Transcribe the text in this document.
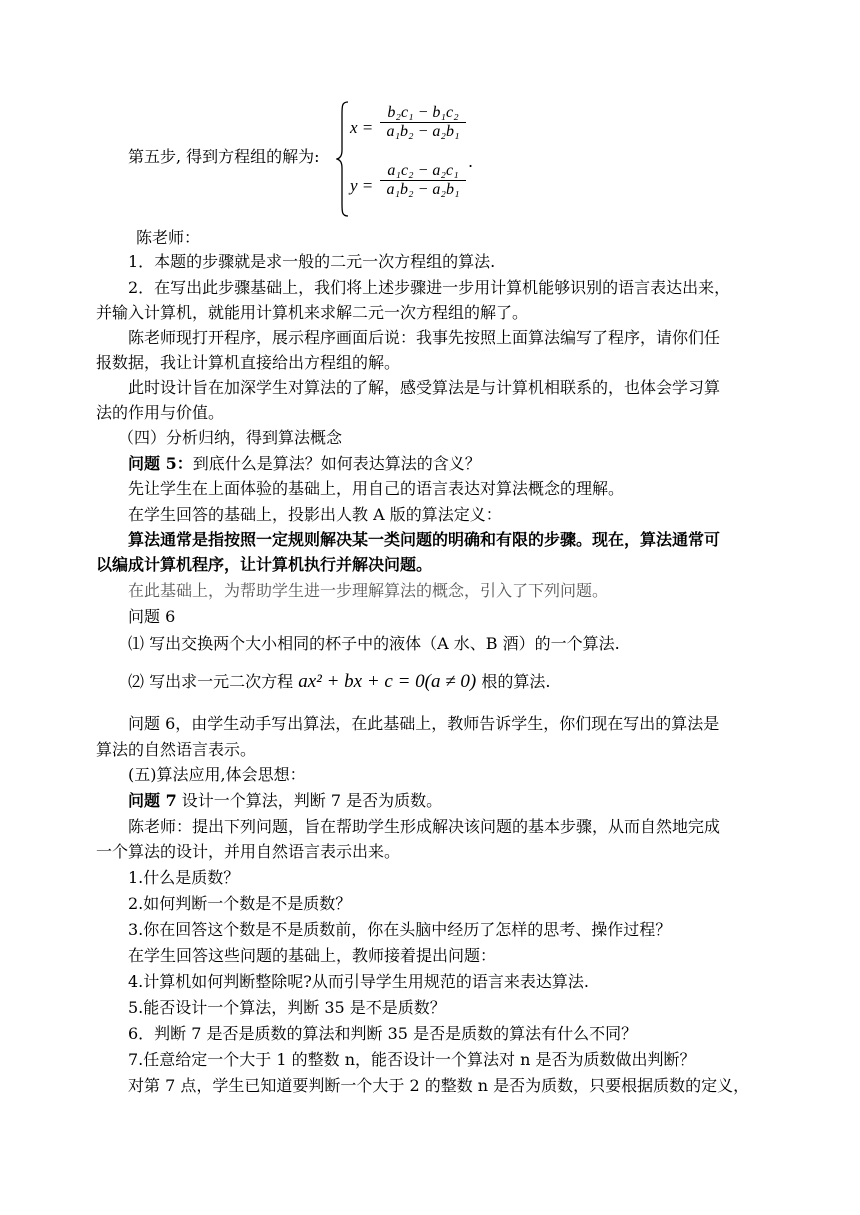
第五步, 得到方程组的解为:
$x = \frac{\text{b₂c₁ − b₁c₂}}{\text{a₁b₂ − a₂b₁}}$
$y = \frac{\text{a₁c₂ − a₂c₁}}{\text{a₁b₂ − a₂b₁}}$
.
陈老师：
1．本题的步骤就是求一般的二元一次方程组的算法.
2．在写出此步骤基础上，我们将上述步骤进一步用计算机能够识别的语言表达出来，
并输入计算机，就能用计算机来求解二元一次方程组的解了。
陈老师现打开程序，展示程序画面后说：我事先按照上面算法编写了程序，请你们任
报数据，我让计算机直接给出方程组的解。
此时设计旨在加深学生对算法的了解，感受算法是与计算机相联系的，也体会学习算
法的作用与价值。
（四）分析归纳，得到算法概念
问题 5：到底什么是算法？如何表达算法的含义？
先让学生在上面体验的基础上，用自己的语言表达对算法概念的理解。
在学生回答的基础上，投影出人教 A 版的算法定义：
算法通常是指按照一定规则解决某一类问题的明确和有限的步骤。现在，算法通常可
以编成计算机程序，让计算机执行并解决问题。
在此基础上，为帮助学生进一步理解算法的概念，引入了下列问题。
问题 6
⑴ 写出交换两个大小相同的杯子中的液体（A 水、B 酒）的一个算法.
⑵ 写出求一元二次方程 ax² + bx + c = 0(a ≠ 0) 根的算法.
问题 6，由学生动手写出算法，在此基础上，教师告诉学生，你们现在写出的算法是
算法的自然语言表示。
(五)算法应用,体会思想：
问题 7 设计一个算法，判断 7 是否为质数。
陈老师：提出下列问题，旨在帮助学生形成解决该问题的基本步骤，从而自然地完成
一个算法的设计，并用自然语言表示出来。
1.什么是质数？
2.如何判断一个数是不是质数？
3.你在回答这个数是不是质数前，你在头脑中经历了怎样的思考、操作过程？
在学生回答这些问题的基础上，教师接着提出问题：
4.计算机如何判断整除呢?从而引导学生用规范的语言来表达算法.
5.能否设计一个算法，判断 35 是不是质数？
6．判断 7 是否是质数的算法和判断 35 是否是质数的算法有什么不同？
7.任意给定一个大于 1 的整数 n，能否设计一个算法对 n 是否为质数做出判断？
对第 7 点，学生已知道要判断一个大于 2 的整数 n 是否为质数，只要根据质数的定义，
